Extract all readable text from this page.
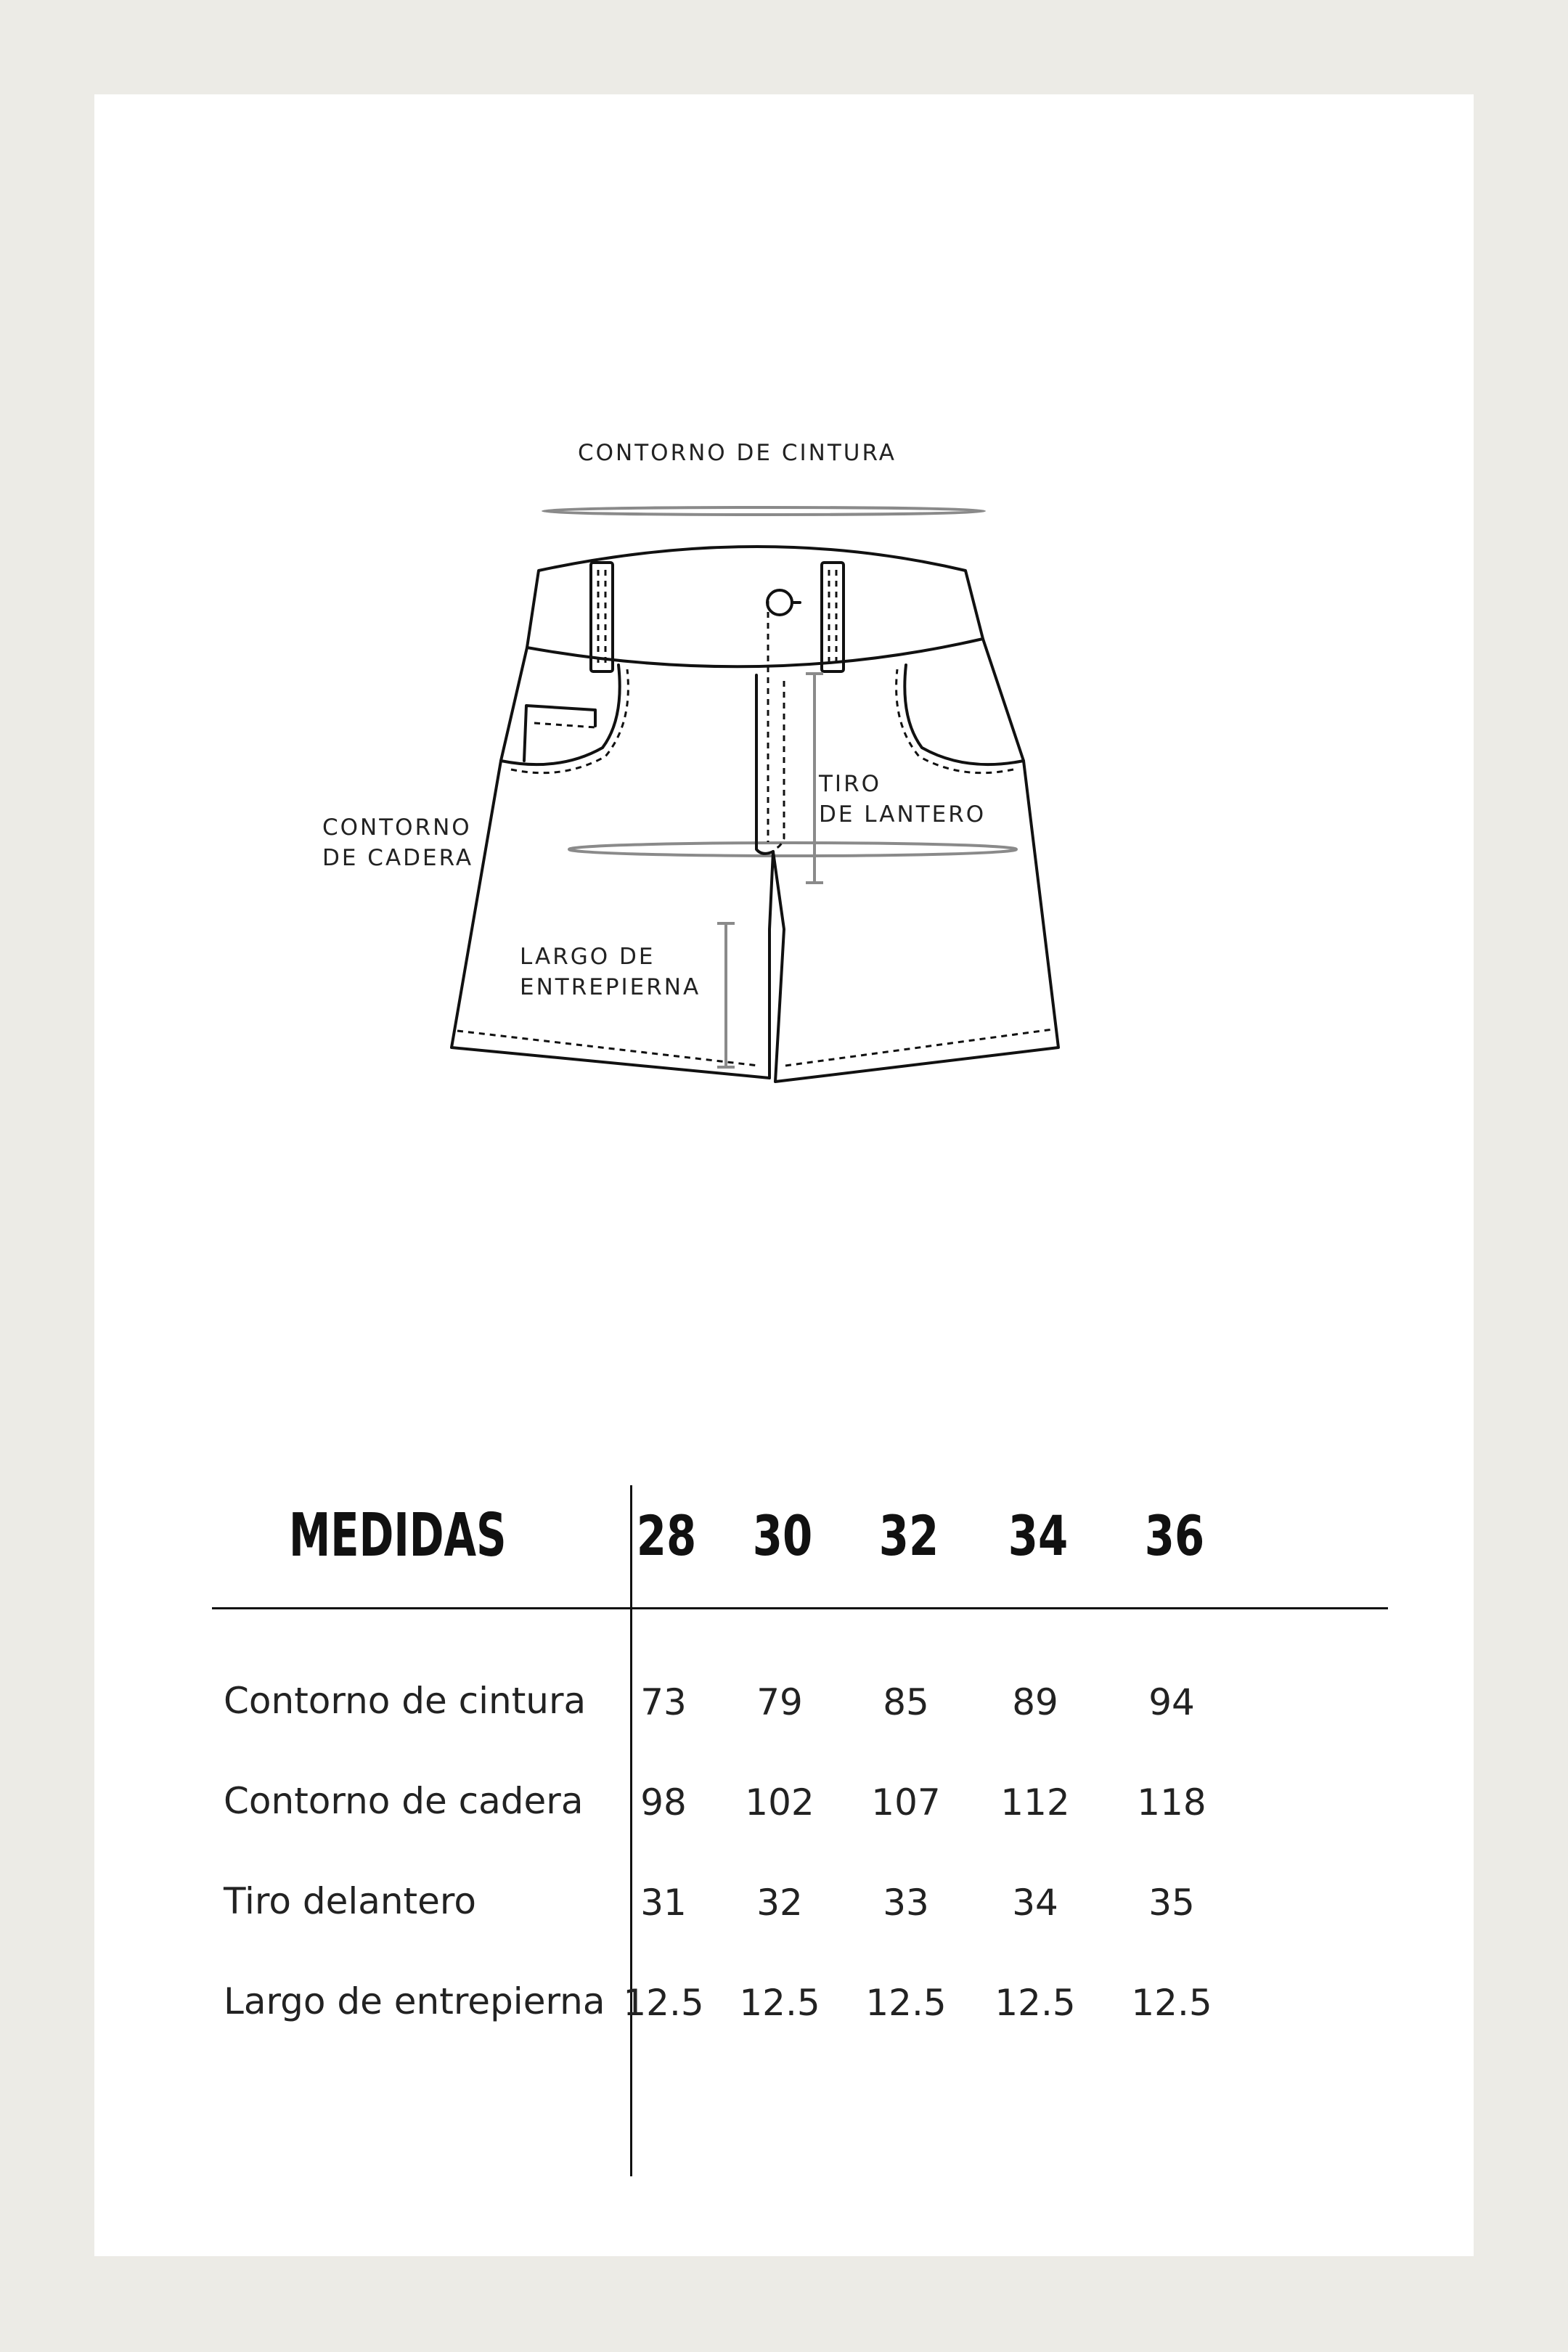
CONTORNO DE CINTURA

CONTORNO

DE CADERA

TIRO

DE LANTERO

LARGO DE

ENTREPIERNA

MEDIDAS 28 30 32 34 36

Contorno de cintura	73	79	85	89	94

Contorno de cadera	98	102	107	112	118

Tiro delantero	31	32	33	34	35

Largo de entrepierna 12.5 12.5 12.5 12.5 12.5
